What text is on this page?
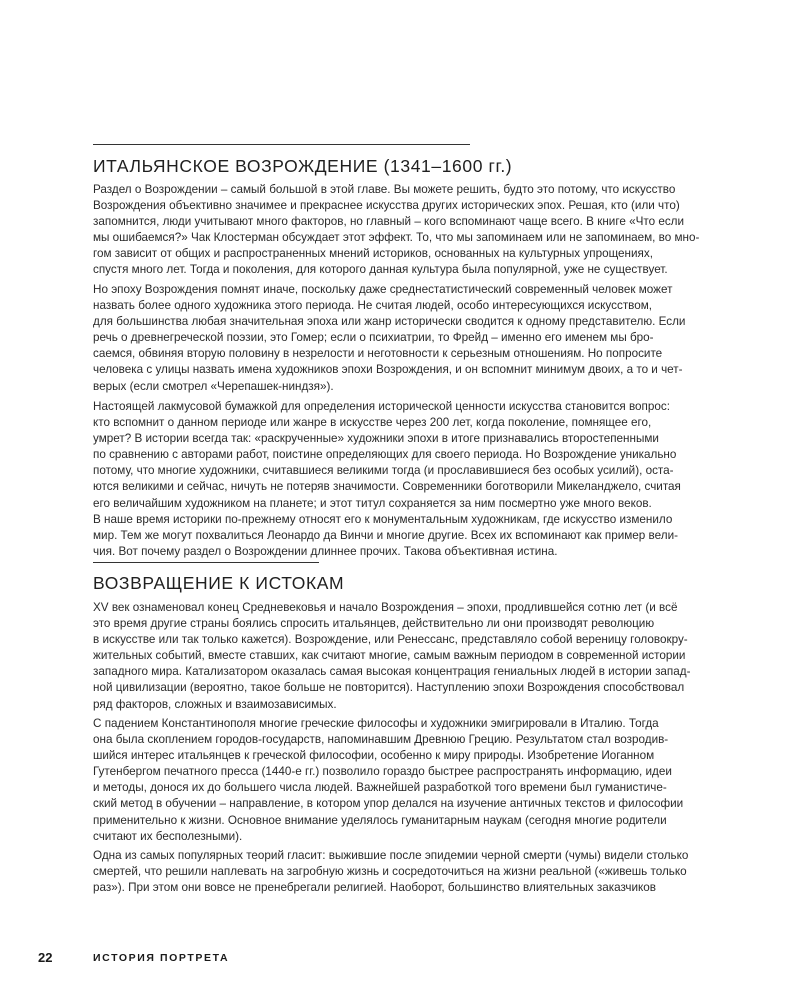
ИТАЛЬЯНСКОЕ ВОЗРОЖДЕНИЕ (1341–1600 гг.)

Раздел о Возрождении – самый большой в этой главе. Вы можете решить, будто это потому, что искусство
Возрождения объективно значимее и прекраснее искусства других исторических эпох. Решая, кто (или что)
запомнится, люди учитывают много факторов, но главный – кого вспоминают чаще всего. В книге «Что если
мы ошибаемся?» Чак Клостерман обсуждает этот эффект. То, что мы запоминаем или не запоминаем, во мно-
гом зависит от общих и распространенных мнений историков, основанных на культурных упрощениях,
спустя много лет. Тогда и поколения, для которого данная культура была популярной, уже не существует.

Но эпоху Возрождения помнят иначе, поскольку даже среднестатистический современный человек может
назвать более одного художника этого периода. Не считая людей, особо интересующихся искусством,
для большинства любая значительная эпоха или жанр исторически сводится к одному представителю. Если
речь о древнегреческой поэзии, это Гомер; если о психиатрии, то Фрейд – именно его именем мы бро-
саемся, обвиняя вторую половину в незрелости и неготовности к серьезным отношениям. Но попросите
человека с улицы назвать имена художников эпохи Возрождения, и он вспомнит минимум двоих, а то и чет-
верых (если смотрел «Черепашек-ниндзя»).

Настоящей лакмусовой бумажкой для определения исторической ценности искусства становится вопрос:
кто вспомнит о данном периоде или жанре в искусстве через 200 лет, когда поколение, помнящее его,
умрет? В истории всегда так: «раскрученные» художники эпохи в итоге признавались второстепенными
по сравнению с авторами работ, поистине определяющих для своего периода. Но Возрождение уникально
потому, что многие художники, считавшиеся великими тогда (и прославившиеся без особых усилий), оста-
ются великими и сейчас, ничуть не потеряв значимости. Современники боготворили Микеланджело, считая
его величайшим художником на планете; и этот титул сохраняется за ним посмертно уже много веков.
В наше время историки по-прежнему относят его к монументальным художникам, где искусство изменило
мир. Тем же могут похвалиться Леонардо да Винчи и многие другие. Всех их вспоминают как пример вели-
чия. Вот почему раздел о Возрождении длиннее прочих. Такова объективная истина.

ВОЗВРАЩЕНИЕ К ИСТОКАМ

XV век ознаменовал конец Средневековья и начало Возрождения – эпохи, продлившейся сотню лет (и всё
это время другие страны боялись спросить итальянцев, действительно ли они производят революцию
в искусстве или так только кажется). Возрождение, или Ренессанс, представляло собой вереницу головокру-
жительных событий, вместе ставших, как считают многие, самым важным периодом в современной истории
западного мира. Катализатором оказалась самая высокая концентрация гениальных людей в истории запад-
ной цивилизации (вероятно, такое больше не повторится). Наступлению эпохи Возрождения способствовал
ряд факторов, сложных и взаимозависимых.

С падением Константинополя многие греческие философы и художники эмигрировали в Италию. Тогда
она была скоплением городов-государств, напоминавшим Древнюю Грецию. Результатом стал возродив-
шийся интерес итальянцев к греческой философии, особенно к миру природы. Изобретение Иоганном
Гутенбергом печатного пресса (1440-е гг.) позволило гораздо быстрее распространять информацию, идеи
и методы, донося их до большего числа людей. Важнейшей разработкой того времени был гуманистиче-
ский метод в обучении – направление, в котором упор делался на изучение античных текстов и философии
применительно к жизни. Основное внимание уделялось гуманитарным наукам (сегодня многие родители
считают их бесполезными).

Одна из самых популярных теорий гласит: выжившие после эпидемии черной смерти (чумы) видели столько
смертей, что решили наплевать на загробную жизнь и сосредоточиться на жизни реальной («живешь только
раз»). При этом они вовсе не пренебрегали религией. Наоборот, большинство влиятельных заказчиков

22	ИСТОРИЯ ПОРТРЕТА
